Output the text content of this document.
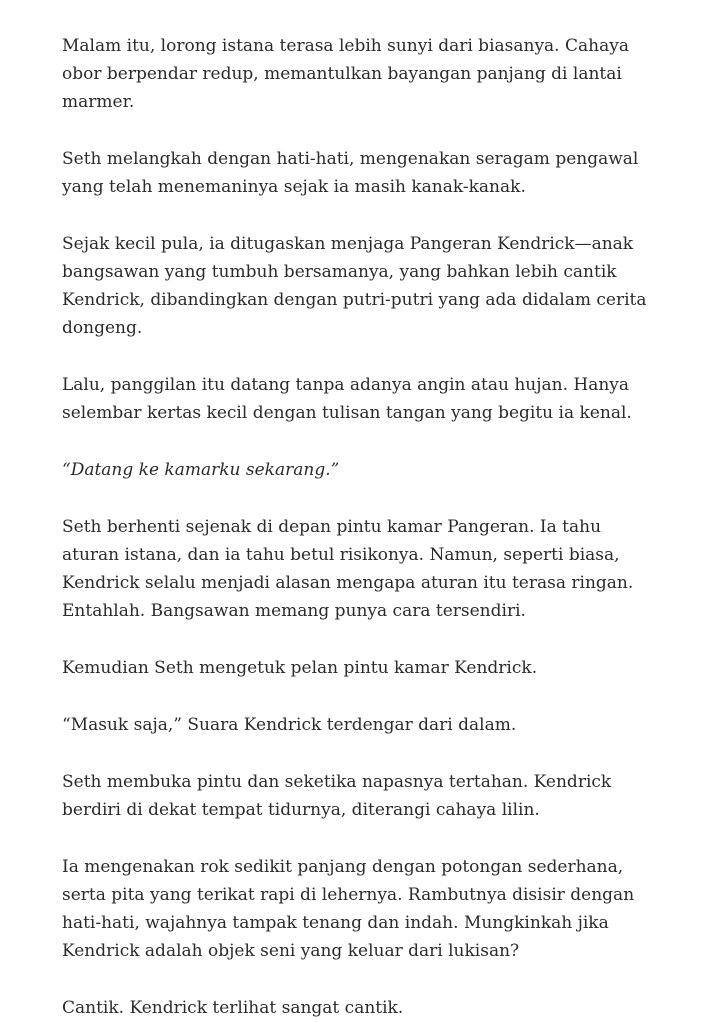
Malam itu, lorong istana terasa lebih sunyi dari biasanya. Cahaya obor berpendar redup, memantulkan bayangan panjang di lantai marmer.

Seth melangkah dengan hati-hati, mengenakan seragam pengawal yang telah menemaninya sejak ia masih kanak-kanak.

Sejak kecil pula, ia ditugaskan menjaga Pangeran Kendrick—anak bangsawan yang tumbuh bersamanya, yang bahkan lebih cantik Kendrick, dibandingkan dengan putri-putri yang ada didalam cerita dongeng.

Lalu, panggilan itu datang tanpa adanya angin atau hujan. Hanya selembar kertas kecil dengan tulisan tangan yang begitu ia kenal.

“Datang ke kamarku sekarang.”

Seth berhenti sejenak di depan pintu kamar Pangeran. Ia tahu aturan istana, dan ia tahu betul risikonya. Namun, seperti biasa, Kendrick selalu menjadi alasan mengapa aturan itu terasa ringan. Entahlah. Bangsawan memang punya cara tersendiri.

Kemudian Seth mengetuk pelan pintu kamar Kendrick.

“Masuk saja,” Suara Kendrick terdengar dari dalam.

Seth membuka pintu dan seketika napasnya tertahan. Kendrick berdiri di dekat tempat tidurnya, diterangi cahaya lilin.

Ia mengenakan rok sedikit panjang dengan potongan sederhana, serta pita yang terikat rapi di lehernya. Rambutnya disisir dengan hati-hati, wajahnya tampak tenang dan indah. Mungkinkah jika Kendrick adalah objek seni yang keluar dari lukisan?

Cantik. Kendrick terlihat sangat cantik.
